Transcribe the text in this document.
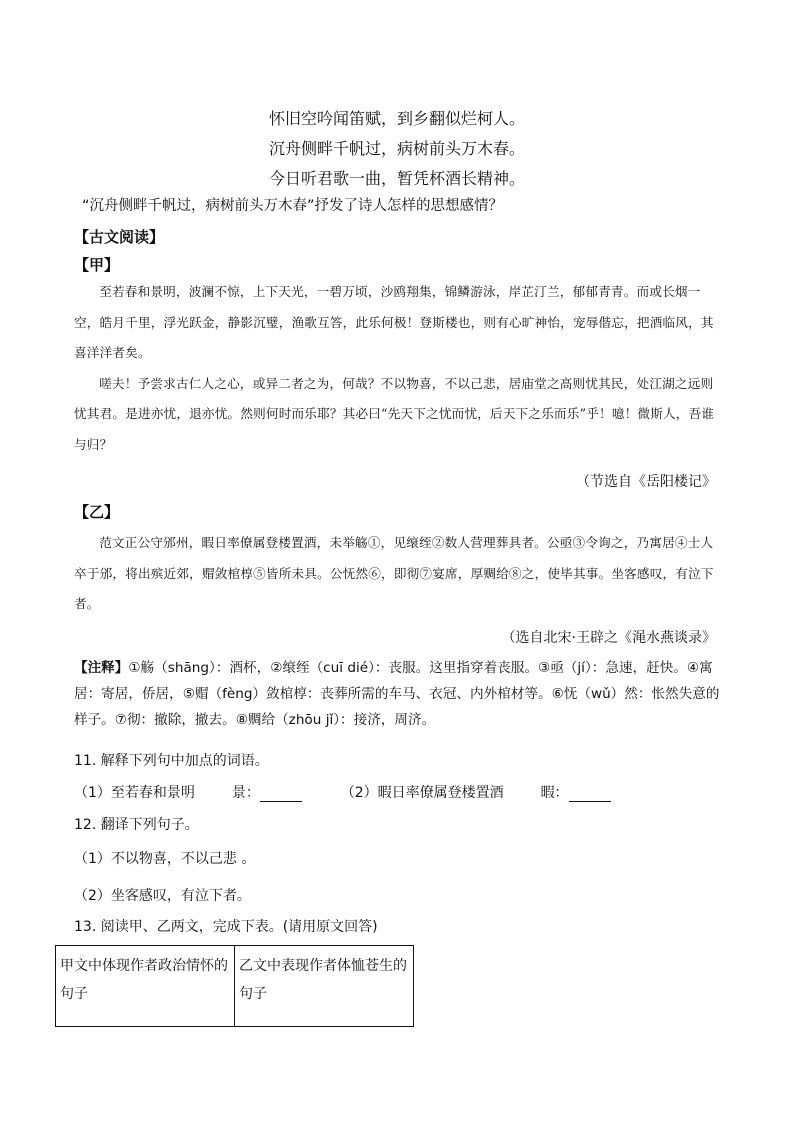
怀旧空吟闻笛赋，到乡翻似烂柯人。
沉舟侧畔千帆过，病树前头万木春。
今日听君歌一曲，暂凭杯酒长精神。
“沉舟侧畔千帆过，病树前头万木春”抒发了诗人怎样的思想感情？
【古文阅读】
【甲】

至若春和景明，波澜不惊，上下天光，一碧万顷，沙鸥翔集，锦鳞游泳，岸芷汀兰，郁郁青青。而或长烟一空，皓月千里，浮光跃金，静影沉璧，渔歌互答，此乐何极！登斯楼也，则有心旷神怡，宠辱偕忘，把酒临风，其喜洋洋者矣。

嗟夫！予尝求古仁人之心，或异二者之为，何哉？不以物喜，不以己悲，居庙堂之高则忧其民，处江湖之远则忧其君。是进亦忧，退亦忧。然则何时而乐耶？其必曰“先天下之忧而忧，后天下之乐而乐”乎！噫！微斯人，吾谁与归？

（节选自《岳阳楼记》
【乙】

范文正公守邠州，暇日率僚属登楼置酒，未举觞①，见缞绖②数人营理葬具者。公亟③令询之，乃寓居④士人卒于邠，将出殡近郊，赗敛棺椁⑤皆所未具。公怃然⑥，即彻⑦宴席，厚赒给⑧之，使毕其事。坐客感叹，有泣下者。

（选自北宋·王辟之《渑水燕谈录》
【注释】①觞（shāng）：酒杯，②缞绖（cuī dié）：丧服。这里指穿着丧服。③亟（jí）：急速，赶快。④寓居：寄居，侨居，⑤赗（fèng）敛棺椁：丧葬所需的车马、衣冠、内外棺材等。⑥怃（wǔ）然：怅然失意的样子。⑦彻：撤除，撤去。⑧赒给（zhōu jǐ）：接济，周济。
11. 解释下列句中加点的词语。
（1）至若春和景明	景：	（2）暇日率僚属登楼置酒	暇：
12. 翻译下列句子。
（1）不以物喜，不以己悲 。
（2）坐客感叹，有泣下者。
13. 阅读甲、乙两文，完成下表。(请用原文回答)
甲文中体现作者政治情怀的句子	乙文中表现作者体恤苍生的句子
